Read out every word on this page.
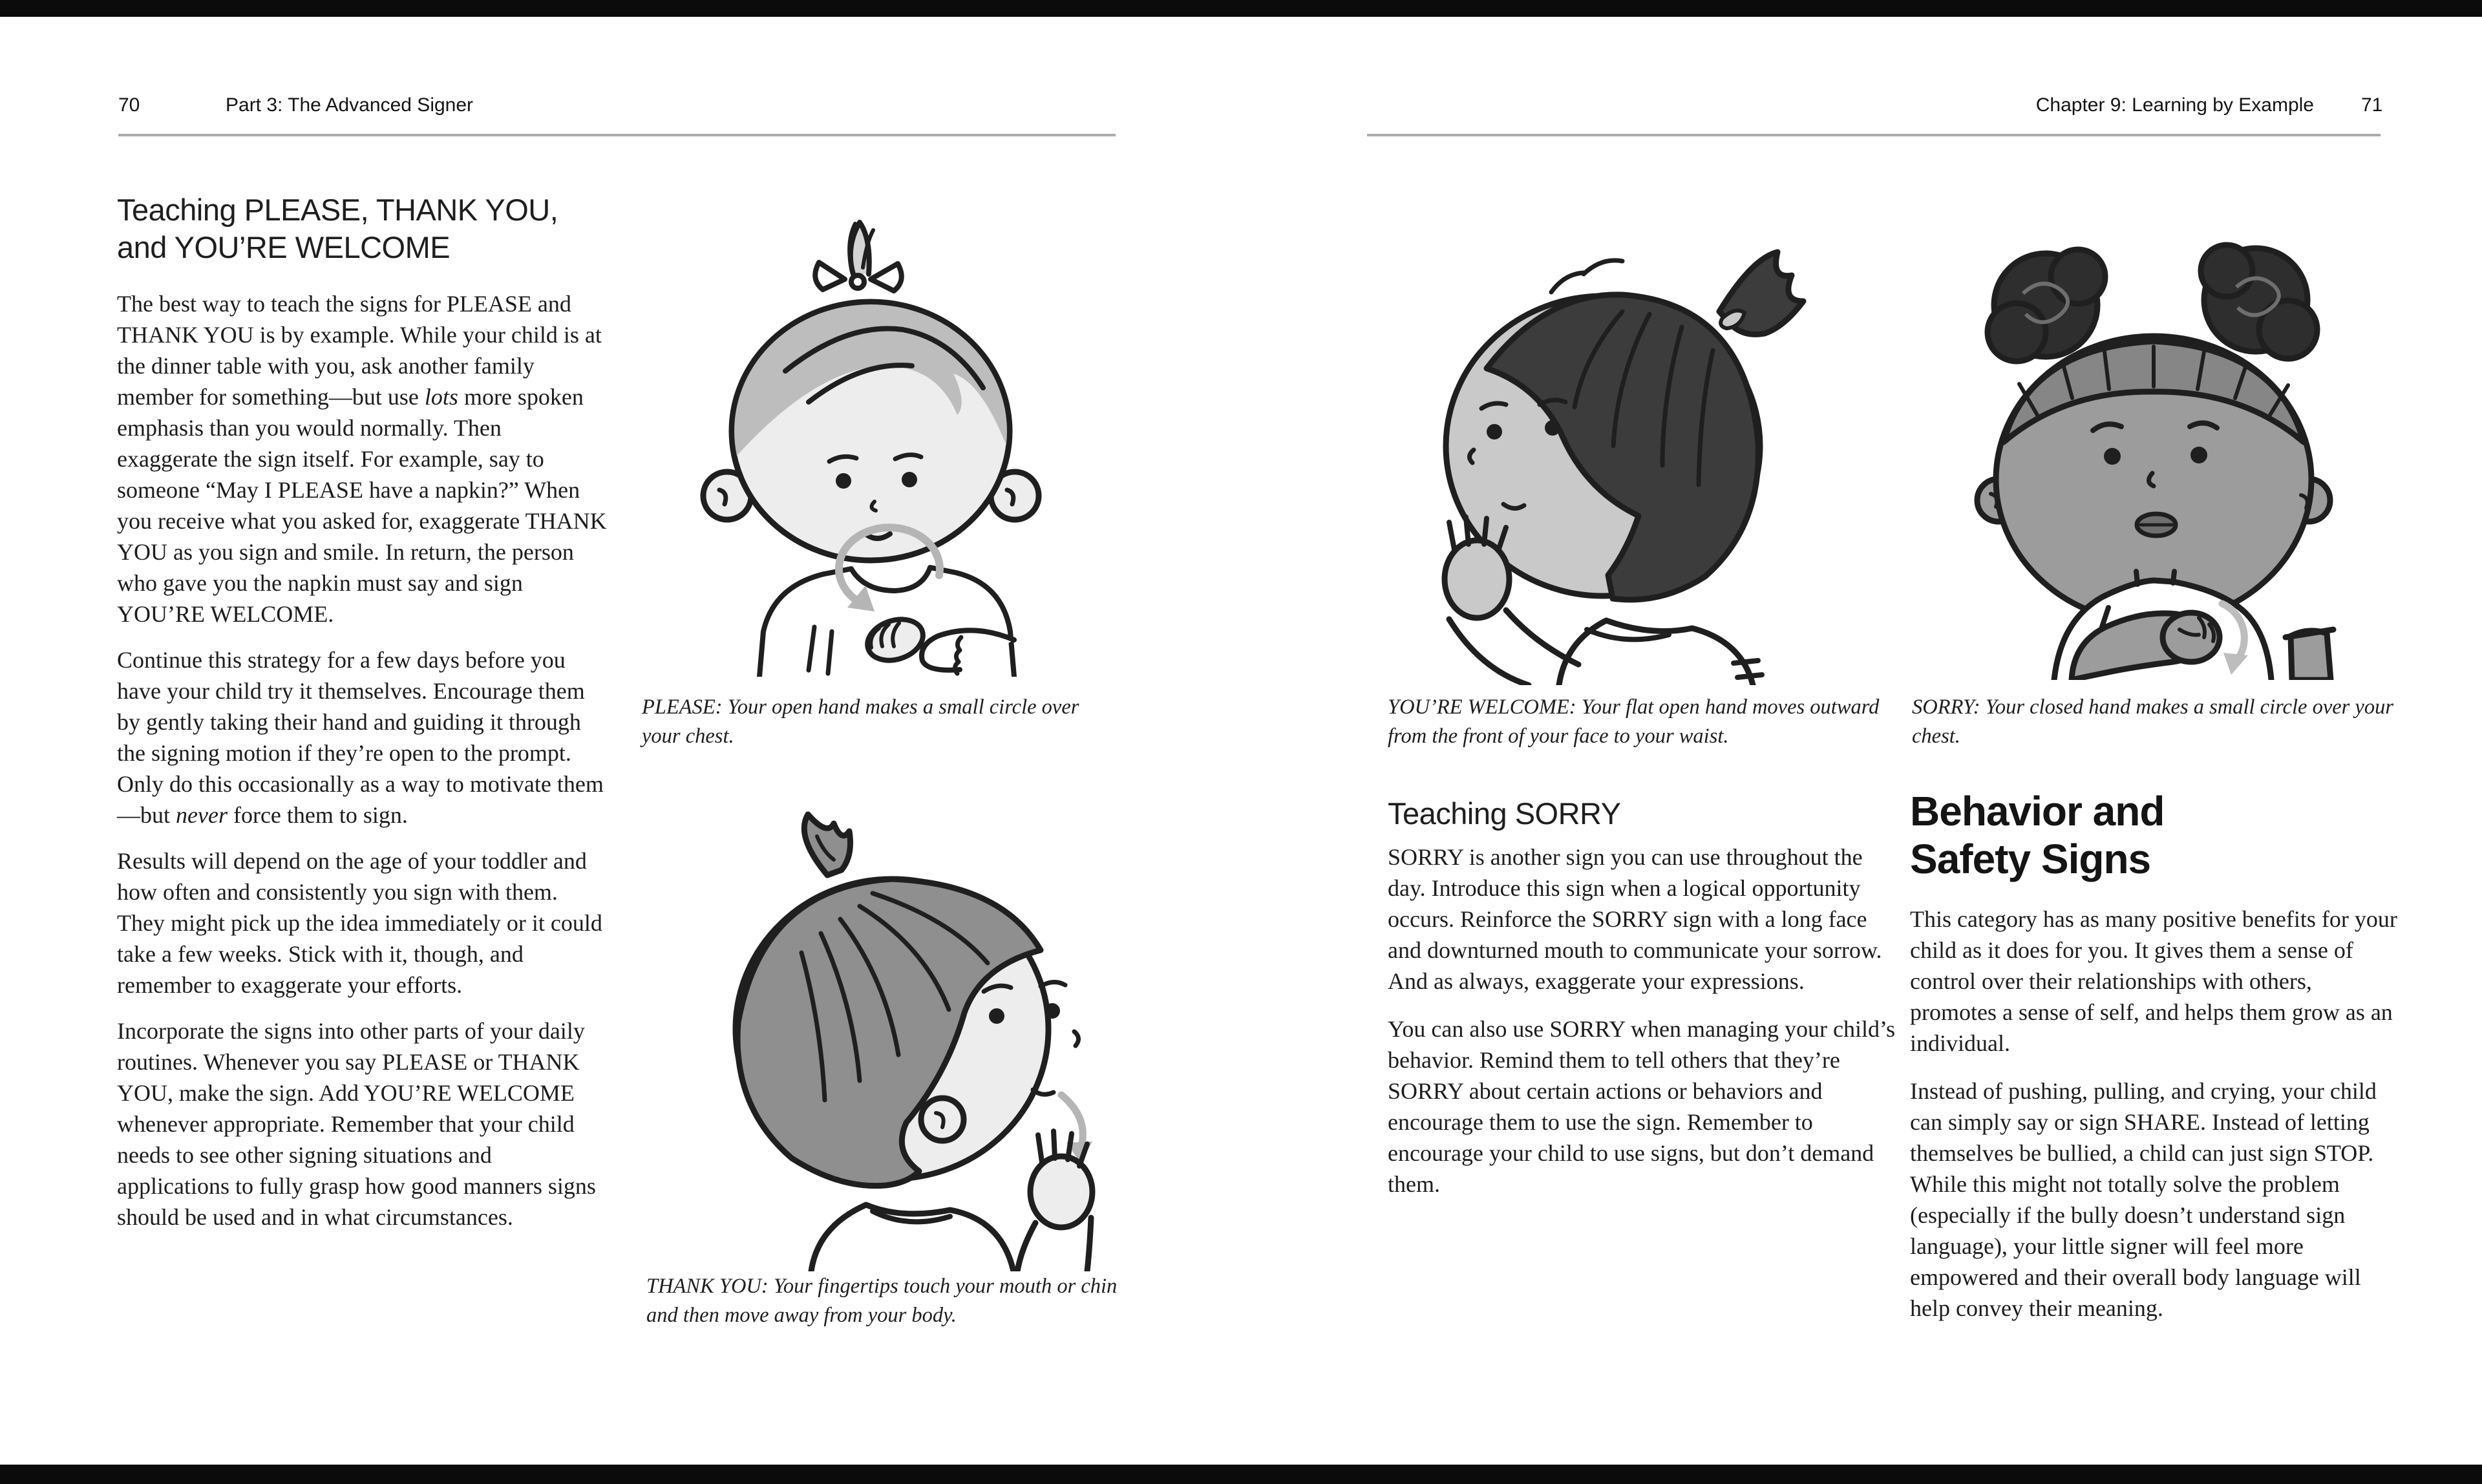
70	Part 3: The Advanced Signer	Chapter 9: Learning by Example 71
Teaching PLEASE, THANK YOU,
and YOU’RE WELCOME

The best way to teach the signs for PLEASE and THANK YOU is by example. While your child is at the dinner table with you, ask another family member for something—but use lots more spoken emphasis than you would normally. Then exaggerate the sign itself. For example, say to someone “May I PLEASE have a napkin?” When you receive what you asked for, exaggerate THANK YOU as you sign and smile. In return, the person who gave you the napkin must say and sign YOU’RE WELCOME.

Continue this strategy for a few days before you have your child try it themselves. Encourage them by gently taking their hand and guiding it through the signing motion if they’re open to the prompt. Only do this occasionally as a way to motivate them—but never force them to sign.

Results will depend on the age of your toddler and how often and consistently you sign with them. They might pick up the idea immediately or it could take a few weeks. Stick with it, though, and remember to exaggerate your efforts.

Incorporate the signs into other parts of your daily routines. Whenever you say PLEASE or THANK YOU, make the sign. Add YOU’RE WELCOME whenever appropriate. Remember that your child needs to see other signing situations and applications to fully grasp how good manners signs should be used and in what circumstances.

PLEASE: Your open hand makes a small circle over your chest.
THANK YOU: Your fingertips touch your mouth or chin and then move away from your body.
YOU’RE WELCOME: Your flat open hand moves outward from the front of your face to your waist.
Teaching SORRY

SORRY is another sign you can use throughout the day. Introduce this sign when a logical opportunity occurs. Reinforce the SORRY sign with a long face and downturned mouth to communicate your sorrow. And as always, exaggerate your expressions.

You can also use SORRY when managing your child’s behavior. Remind them to tell others that they’re SORRY about certain actions or behaviors and encourage them to use the sign. Remember to encourage your child to use signs, but don’t demand them.

SORRY: Your closed hand makes a small circle over your chest.
Behavior and
Safety Signs

This category has as many positive benefits for your child as it does for you. It gives them a sense of control over their relationships with others, promotes a sense of self, and helps them grow as an individual.

Instead of pushing, pulling, and crying, your child can simply say or sign SHARE. Instead of letting themselves be bullied, a child can just sign STOP. While this might not totally solve the problem (especially if the bully doesn’t understand sign language), your little signer will feel more empowered and their overall body language will help convey their meaning.
